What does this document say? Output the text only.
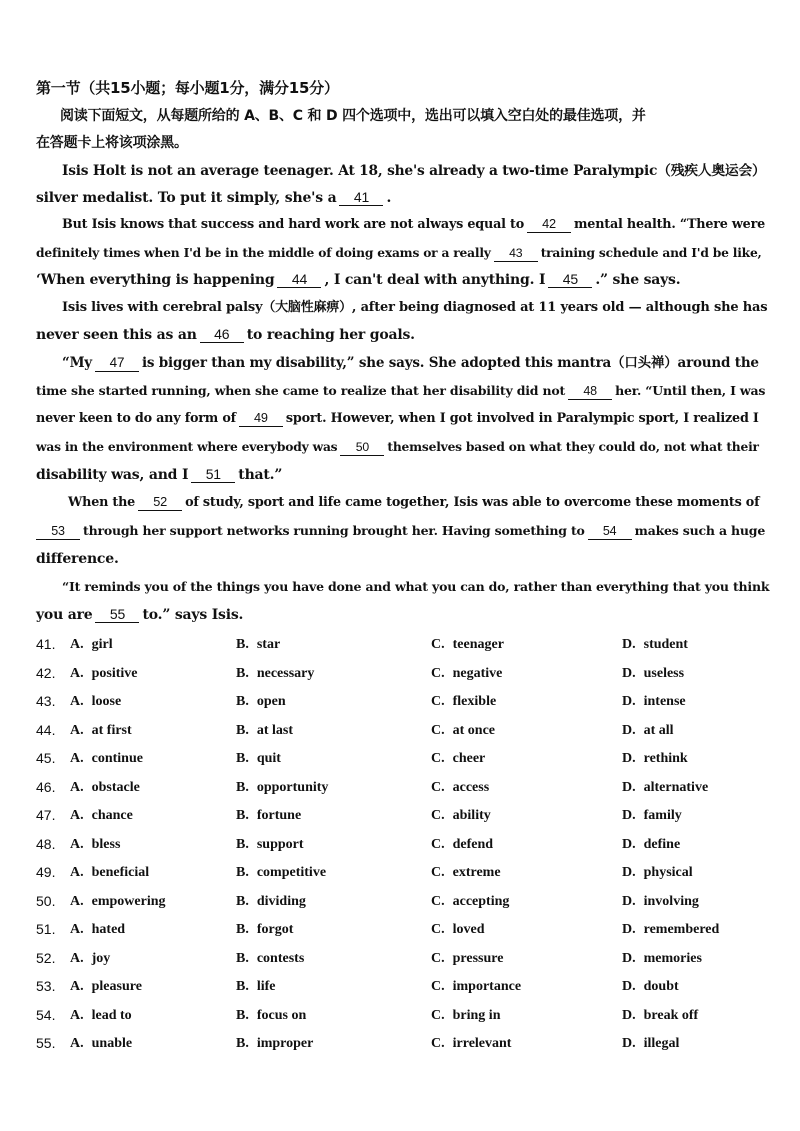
第一节（共15小题；每小题1分，满分15分）
阅读下面短文，从每题所给的 A、B、C 和 D 四个选项中，选出可以填入空白处的最佳选项，并
在答题卡上将该项涂黑。
Isis Holt is not an average teenager. At 18, she's already a two-time Paralympic（残疾人奥运会）
silver medalist. To put it simply, she's a 41 .
But Isis knows that success and hard work are not always equal to 42 mental health. “There were
definitely times when I'd be in the middle of doing exams or a really 43 training schedule and I'd be like,
‘When everything is happening 44 , I can't deal with anything. I 45 .” she says.
Isis lives with cerebral palsy（大脑性麻痹）, after being diagnosed at 11 years old — although she has
never seen this as an 46 to reaching her goals.
“My 47 is bigger than my disability,” she says. She adopted this mantra（口头禅）around the
time she started running, when she came to realize that her disability did not 48 her. “Until then, I was
never keen to do any form of 49 sport. However, when I got involved in Paralympic sport, I realized I
was in the environment where everybody was 50 themselves based on what they could do, not what their
disability was, and I 51 that.”
When the 52 of study, sport and life came together, Isis was able to overcome these moments of
53 through her support networks running brought her. Having something to 54 makes such a huge
difference.
“It reminds you of the things you have done and what you can do, rather than everything that you think
you are 55 to.” says Isis.
41. A. girl	B. star	C. teenager	D. student
42. A. positive	B. necessary	C. negative	D. useless
43. A. loose	B. open	C. flexible	D. intense
44. A. at first	B. at last	C. at once	D. at all
45. A. continue	B. quit	C. cheer	D. rethink
46. A. obstacle	B. opportunity	C. access	D. alternative
47. A. chance	B. fortune	C. ability	D. family
48. A. bless	B. support	C. defend	D. define
49. A. beneficial	B. competitive	C. extreme	D. physical
50. A. empowering	B. dividing	C. accepting	D. involving
51. A. hated	B. forgot	C. loved	D. remembered
52. A. joy	B. contests	C. pressure	D. memories
53. A. pleasure	B. life	C. importance	D. doubt
54. A. lead to	B. focus on	C. bring in	D. break off
55. A. unable	B. improper	C. irrelevant	D. illegal
